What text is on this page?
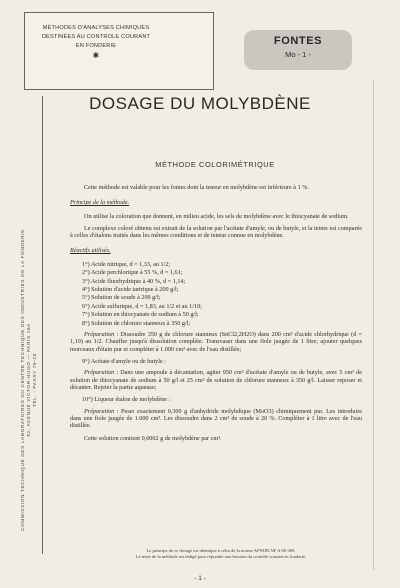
MÉTHODES D'ANALYSES CHIMIQUES
DESTINÉES AU CONTROLE COURANT
EN FONDERIE
✱
FONTES
Mo - 1 -
COMMISSION TECHNIQUE DES LABORATOIRES DU CENTRE TECHNIQUE DES INDUSTRIES DE LA FONDERIE 92, AVENUE VICTOR-HUGO — PARIS 16e TÉL. : PASSY 75-20
DOSAGE DU MOLYBDÈNE
MÉTHODE COLORIMÉTRIQUE

Cette méthode est valable pour les fontes dont la teneur en molybdène est inférieure à 1 %.

Principe de la méthode.

On utilise la coloration que donnent, en milieu acide, les sels de molybdène avec le thiocyanate de sodium.

Le complexe coloré obtenu est extrait de la solution par l'acétate d'amyle, ou de butyle, et la teinte est comparée à celles d'étalons traités dans les mêmes conditions et de teneur connue en molybdène.

Réactifs utilisés.

1°) Acide nitrique, d = 1,33, au 1/2;
2°) Acide perchlorique à 55 %, d = 1,61;
3°) Acide fluorhydrique à 40 %, d = 1,14;
4°) Solution d'acide tartrique à 200 g/l;
5°) Solution de soude à 200 g/l;
6°) Acide sulfurique, d = 1,83, au 1/2 et au 1/10;
7°) Solution en thiocyanate de sodium à 50 g/l;
8°) Solution de chlorure stanneux à 350 g/l;

Préparation : Dissoudre 350 g de chlorure stanneux (SnCl2,2H2O) dans 200 cm³ d'acide chlorhydrique (d = 1,19) au 1/2. Chauffer jusqu'à dissolution complète. Transvaser dans une fiole jaugée de 1 litre; ajouter quelques morceaux d'étain pur et compléter à 1.000 cm³ avec de l'eau distillée;

9°) Acétate d'amyle ou de butyle :

Préparation : Dans une ampoule à décantation, agiter 950 cm³ d'acétate d'amyle ou de butyle, avec 5 cm³ de solution de thiocyanate de sodium à 50 g/l et 25 cm³ de solution de chlorure stanneux à 350 g/l. Laisser reposer et décanter. Rejeter la partie aqueuse;

10°) Liqueur étalon de molybdène :

Préparation : Peser exactement 0,300 g d'anhydride molybdique (MoO3) chimiquement pur. Les introduire dans une fiole jaugée de 1.000 cm³. Les dissoudre dans 2 cm³ de soude à 20 %. Compléter à 1 litre avec de l'eau distillée.

Cette solution contient 0,0002 g de molybdène par cm³.

Le principe de ce dosage est identique à celui de la norme AFNOR NF A 06-309.
Le texte de la méthode est rédigé pour répondre aux besoins du contrôle courant en fonderie.
- 1 -
